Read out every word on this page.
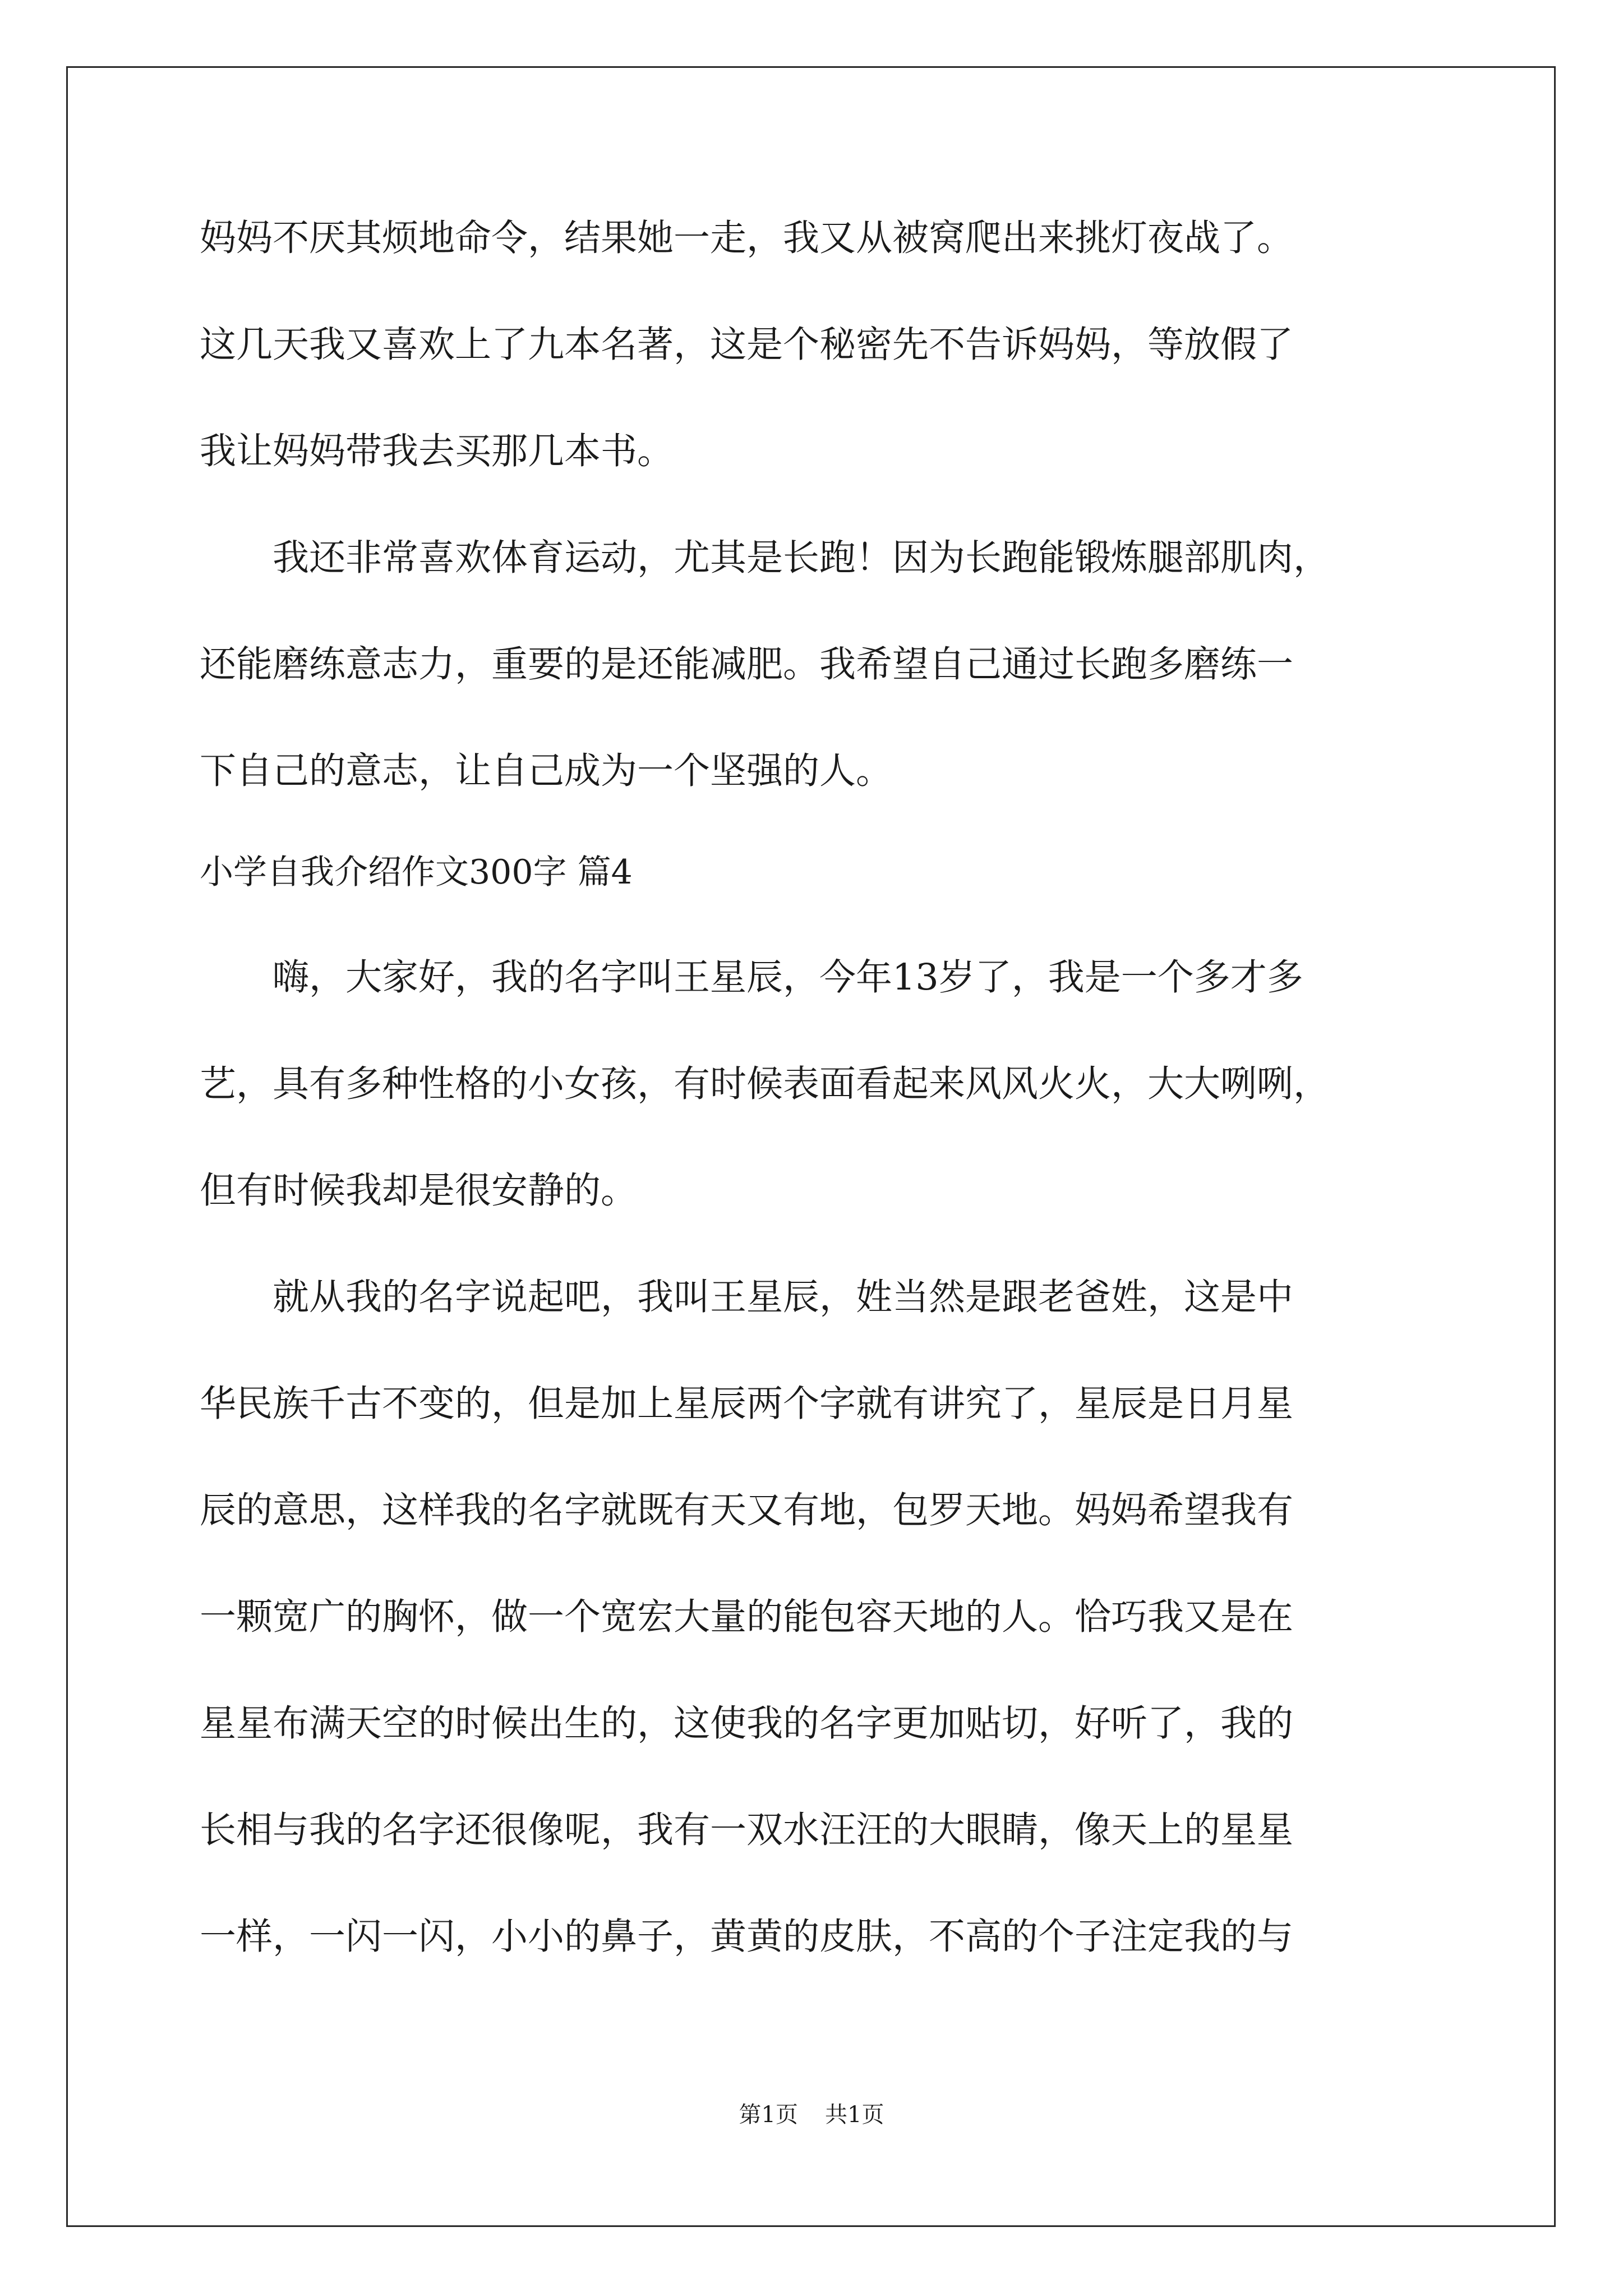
妈妈不厌其烦地命令，结果她一走，我又从被窝爬出来挑灯夜战了。
这几天我又喜欢上了九本名著，这是个秘密先不告诉妈妈，等放假了
我让妈妈带我去买那几本书。
　　我还非常喜欢体育运动，尤其是长跑！因为长跑能锻炼腿部肌肉，
还能磨练意志力，重要的是还能减肥。我希望自己通过长跑多磨练一
下自己的意志，让自己成为一个坚强的人。
小学自我介绍作文300字 篇4
　　嗨，大家好，我的名字叫王星辰，今年13岁了，我是一个多才多
艺，具有多种性格的小女孩，有时候表面看起来风风火火，大大咧咧，
但有时候我却是很安静的。
　　就从我的名字说起吧，我叫王星辰，姓当然是跟老爸姓，这是中
华民族千古不变的，但是加上星辰两个字就有讲究了，星辰是日月星
辰的意思，这样我的名字就既有天又有地，包罗天地。妈妈希望我有
一颗宽广的胸怀，做一个宽宏大量的能包容天地的人。恰巧我又是在
星星布满天空的时候出生的，这使我的名字更加贴切，好听了，我的
长相与我的名字还很像呢，我有一双水汪汪的大眼睛，像天上的星星
一样，一闪一闪，小小的鼻子，黄黄的皮肤，不高的个子注定我的与
第1页 共1页
